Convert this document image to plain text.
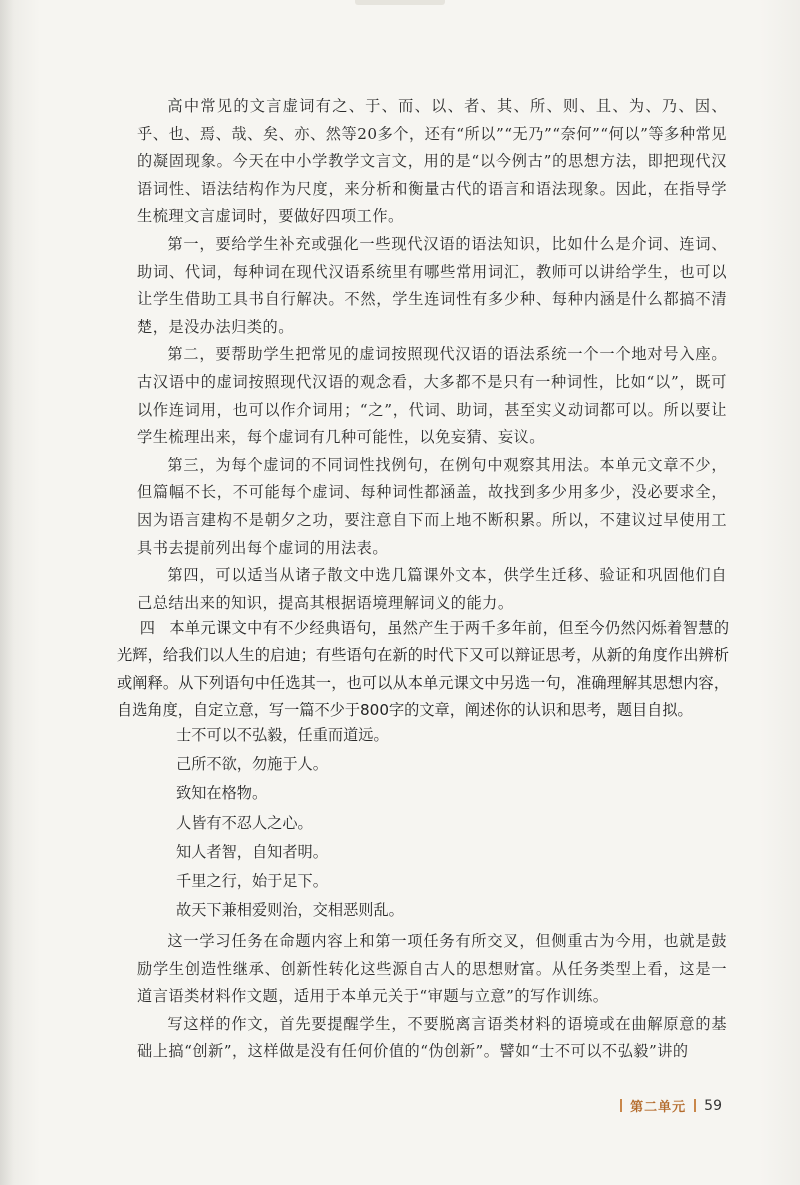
高中常见的文言虚词有之、于、而、以、者、其、所、则、且、为、乃、因、乎、也、焉、哉、矣、亦、然等20多个，还有“所以”“无乃”“奈何”“何以”等多种常见的凝固现象。今天在中小学教学文言文，用的是“以今例古”的思想方法，即把现代汉语词性、语法结构作为尺度，来分析和衡量古代的语言和语法现象。因此，在指导学生梳理文言虚词时，要做好四项工作。

第一，要给学生补充或强化一些现代汉语的语法知识，比如什么是介词、连词、助词、代词，每种词在现代汉语系统里有哪些常用词汇，教师可以讲给学生，也可以让学生借助工具书自行解决。不然，学生连词性有多少种、每种内涵是什么都搞不清楚，是没办法归类的。

第二，要帮助学生把常见的虚词按照现代汉语的语法系统一个一个地对号入座。古汉语中的虚词按照现代汉语的观念看，大多都不是只有一种词性，比如“以”，既可以作连词用，也可以作介词用；“之”，代词、助词，甚至实义动词都可以。所以要让学生梳理出来，每个虚词有几种可能性，以免妄猜、妄议。

第三，为每个虚词的不同词性找例句，在例句中观察其用法。本单元文章不少，但篇幅不长，不可能每个虚词、每种词性都涵盖，故找到多少用多少，没必要求全，因为语言建构不是朝夕之功，要注意自下而上地不断积累。所以，不建议过早使用工具书去提前列出每个虚词的用法表。

第四，可以适当从诸子散文中选几篇课外文本，供学生迁移、验证和巩固他们自己总结出来的知识，提高其根据语境理解词义的能力。

四 本单元课文中有不少经典语句，虽然产生于两千多年前，但至今仍然闪烁着智慧的光辉，给我们以人生的启迪；有些语句在新的时代下又可以辩证思考，从新的角度作出辨析或阐释。从下列语句中任选其一，也可以从本单元课文中另选一句，准确理解其思想内容，自选角度，自定立意，写一篇不少于800字的文章，阐述你的认识和思考，题目自拟。

士不可以不弘毅，任重而道远。
己所不欲，勿施于人。
致知在格物。
人皆有不忍人之心。
知人者智，自知者明。
千里之行，始于足下。
故天下兼相爱则治，交相恶则乱。

这一学习任务在命题内容上和第一项任务有所交叉，但侧重古为今用，也就是鼓励学生创造性继承、创新性转化这些源自古人的思想财富。从任务类型上看，这是一道言语类材料作文题，适用于本单元关于“审题与立意”的写作训练。

写这样的作文，首先要提醒学生，不要脱离言语类材料的语境或在曲解原意的基础上搞“创新”，这样做是没有任何价值的“伪创新”。譬如“士不可以不弘毅”讲的

第二单元 59
